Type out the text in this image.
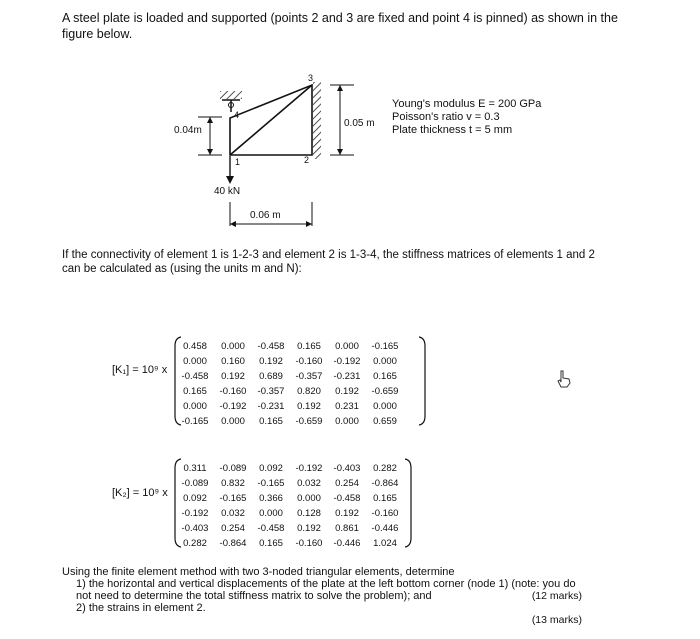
A steel plate is loaded and supported (points 2 and 3 are fixed and point 4 is pinned) as shown in the figure below.
1	2
3
4
0.04m
0.05 m
40 kN
0.06 m
Young's modulus E = 200 GPa
Poisson's ratio v = 0.3
Plate thickness t = 5 mm
If the connectivity of element 1 is 1-2-3 and element 2 is 1-3-4, the stiffness matrices of elements 1 and 2 can be calculated as (using the units m and N):
[K₁] = 10⁹ x
0.458	0.000	-0.458	0.165	0.000	-0.165
0.000	0.160	0.192	-0.160	-0.192	0.000
-0.458	0.192	0.689	-0.357	-0.231	0.165
0.165	-0.160	-0.357	0.820	0.192	-0.659
0.000	-0.192	-0.231	0.192	0.231	0.000
-0.165	0.000	0.165	-0.659	0.000	0.659
[K₂] = 10⁹ x
0.311	-0.089	0.092	-0.192	-0.403	0.282
-0.089	0.832	-0.165	0.032	0.254	-0.864
0.092	-0.165	0.366	0.000	-0.458	0.165
-0.192	0.032	0.000	0.128	0.192	-0.160
-0.403	0.254	-0.458	0.192	0.861	-0.446
0.282	-0.864	0.165	-0.160	-0.446	1.024
Using the finite element method with two 3-noded triangular elements, determine
1) the horizontal and vertical displacements of the plate at the left bottom corner (node 1) (note: you do not need to determine the total stiffness matrix to solve the problem); and	(12 marks)
2) the strains in element 2.
(13 marks)
